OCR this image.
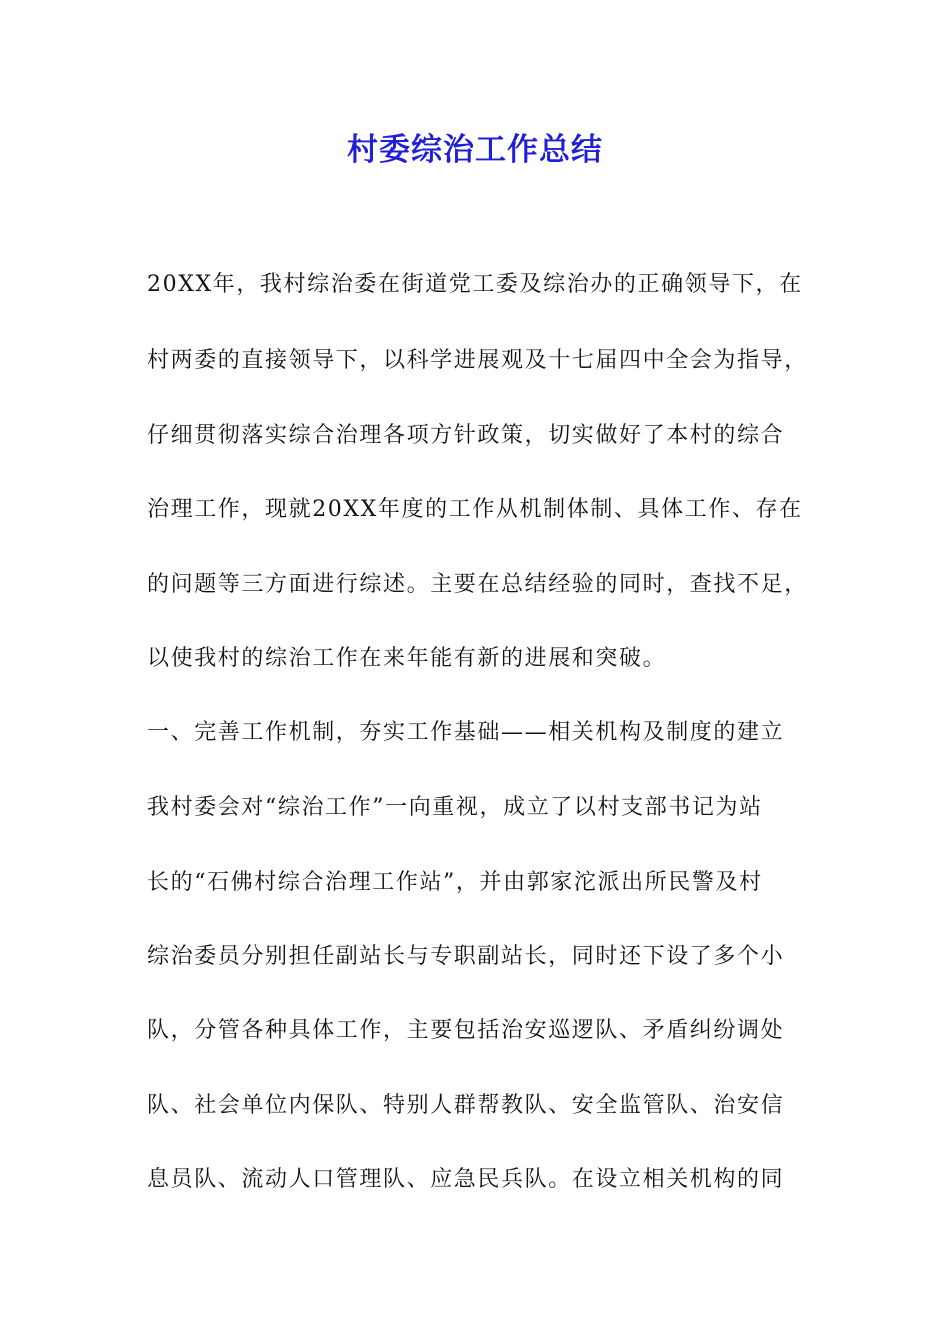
村委综治工作总结

20XX年，我村综治委在街道党工委及综治办的正确领导下，在

村两委的直接领导下，以科学进展观及十七届四中全会为指导，

仔细贯彻落实综合治理各项方针政策，切实做好了本村的综合

治理工作，现就20XX年度的工作从机制体制、具体工作、存在

的问题等三方面进行综述。主要在总结经验的同时，查找不足，

以使我村的综治工作在来年能有新的进展和突破。

一、完善工作机制，夯实工作基础——相关机构及制度的建立

我村委会对“综治工作”一向重视，成立了以村支部书记为站

长的“石佛村综合治理工作站”，并由郭家沱派出所民警及村

综治委员分别担任副站长与专职副站长，同时还下设了多个小

队，分管各种具体工作，主要包括治安巡逻队、矛盾纠纷调处

队、社会单位内保队、特别人群帮教队、安全监管队、治安信

息员队、流动人口管理队、应急民兵队。在设立相关机构的同
